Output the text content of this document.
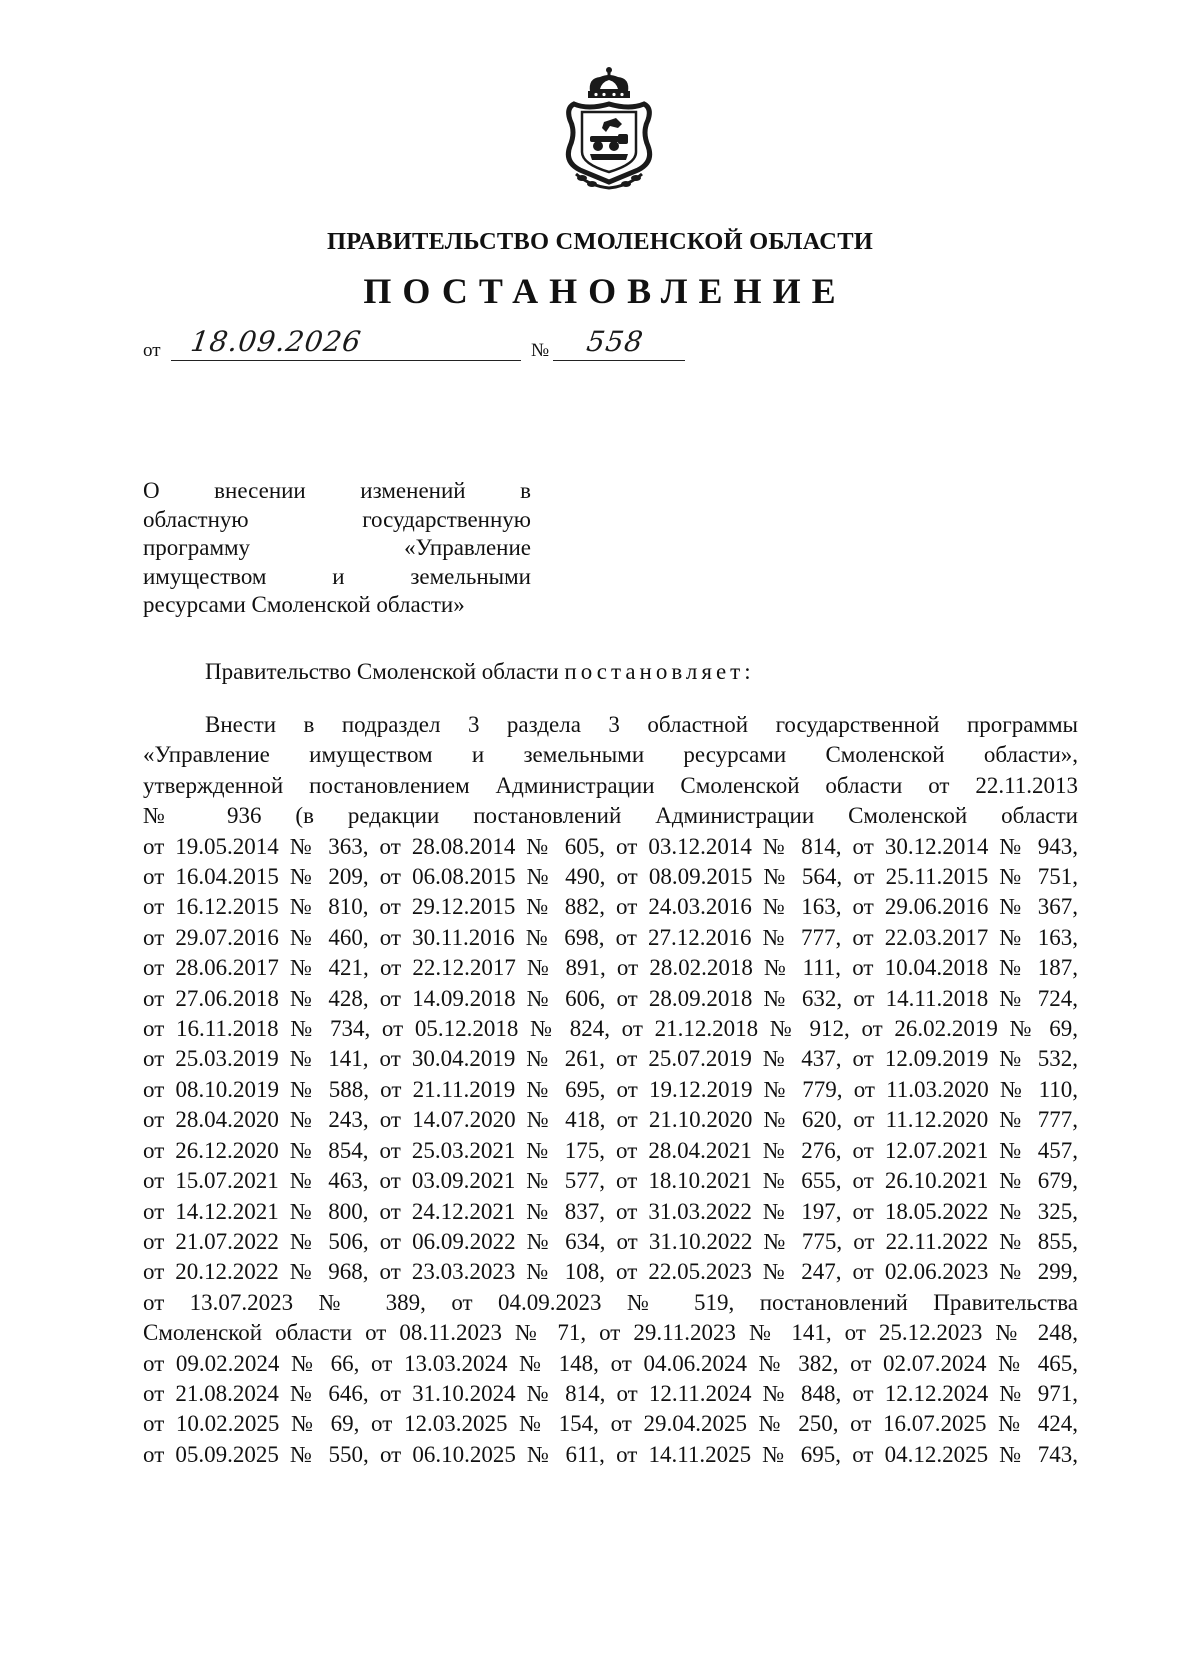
ПРАВИТЕЛЬСТВО СМОЛЕНСКОЙ ОБЛАСТИ
ПОСТАНОВЛЕНИЕ
от 18.09.2026	№ 558
О внесении изменений в
областную государственную
программу «Управление
имуществом и земельными
ресурсами Смоленской области»
Правительство Смоленской области постановляет:
Внести в подраздел 3 раздела 3 областной государственной программы
«Управление имуществом и земельными ресурсами Смоленской области»,
утвержденной постановлением Администрации Смоленской области от 22.11.2013
№ 936 (в редакции постановлений Администрации Смоленской области
от 19.05.2014 № 363, от 28.08.2014 № 605, от 03.12.2014 № 814, от 30.12.2014 № 943,
от 16.04.2015 № 209, от 06.08.2015 № 490, от 08.09.2015 № 564, от 25.11.2015 № 751,
от 16.12.2015 № 810, от 29.12.2015 № 882, от 24.03.2016 № 163, от 29.06.2016 № 367,
от 29.07.2016 № 460, от 30.11.2016 № 698, от 27.12.2016 № 777, от 22.03.2017 № 163,
от 28.06.2017 № 421, от 22.12.2017 № 891, от 28.02.2018 № 111, от 10.04.2018 № 187,
от 27.06.2018 № 428, от 14.09.2018 № 606, от 28.09.2018 № 632, от 14.11.2018 № 724,
от 16.11.2018 № 734, от 05.12.2018 № 824, от 21.12.2018 № 912, от 26.02.2019 № 69,
от 25.03.2019 № 141, от 30.04.2019 № 261, от 25.07.2019 № 437, от 12.09.2019 № 532,
от 08.10.2019 № 588, от 21.11.2019 № 695, от 19.12.2019 № 779, от 11.03.2020 № 110,
от 28.04.2020 № 243, от 14.07.2020 № 418, от 21.10.2020 № 620, от 11.12.2020 № 777,
от 26.12.2020 № 854, от 25.03.2021 № 175, от 28.04.2021 № 276, от 12.07.2021 № 457,
от 15.07.2021 № 463, от 03.09.2021 № 577, от 18.10.2021 № 655, от 26.10.2021 № 679,
от 14.12.2021 № 800, от 24.12.2021 № 837, от 31.03.2022 № 197, от 18.05.2022 № 325,
от 21.07.2022 № 506, от 06.09.2022 № 634, от 31.10.2022 № 775, от 22.11.2022 № 855,
от 20.12.2022 № 968, от 23.03.2023 № 108, от 22.05.2023 № 247, от 02.06.2023 № 299,
от 13.07.2023 № 389, от 04.09.2023 № 519, постановлений Правительства
Смоленской области от 08.11.2023 № 71, от 29.11.2023 № 141, от 25.12.2023 № 248,
от 09.02.2024 № 66, от 13.03.2024 № 148, от 04.06.2024 № 382, от 02.07.2024 № 465,
от 21.08.2024 № 646, от 31.10.2024 № 814, от 12.11.2024 № 848, от 12.12.2024 № 971,
от 10.02.2025 № 69, от 12.03.2025 № 154, от 29.04.2025 № 250, от 16.07.2025 № 424,
от 05.09.2025 № 550, от 06.10.2025 № 611, от 14.11.2025 № 695, от 04.12.2025 № 743,
